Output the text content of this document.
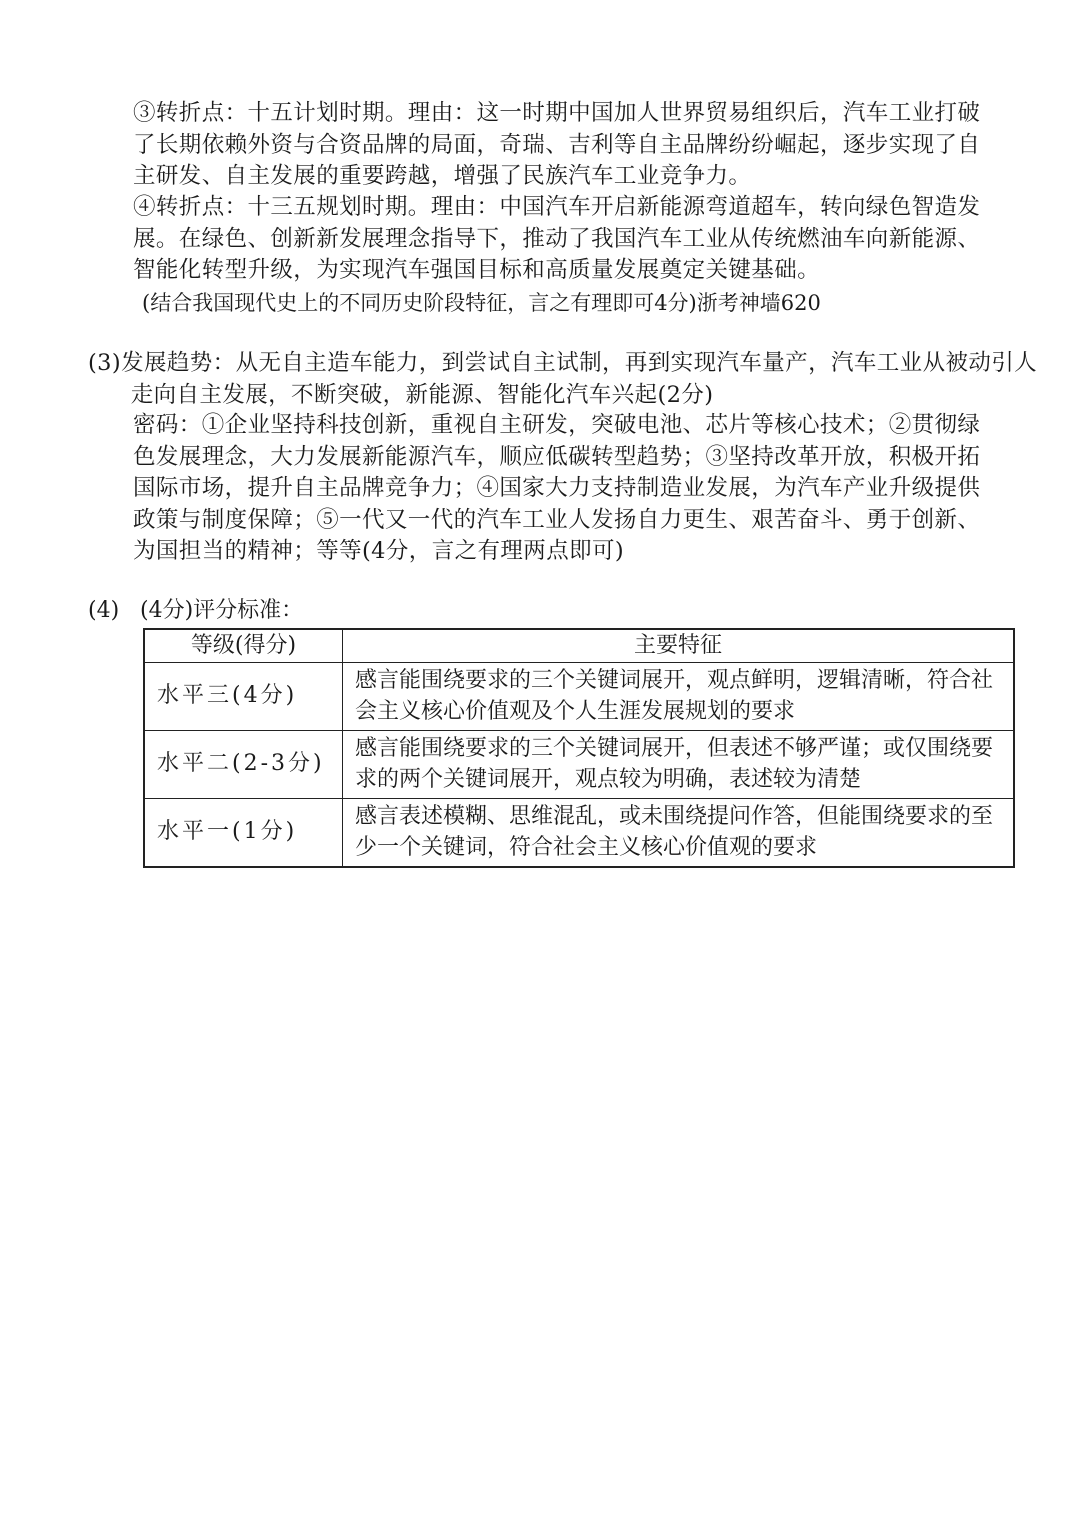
③转折点：十五计划时期。理由：这一时期中国加人世界贸易组织后，汽车工业打破了长期依赖外资与合资品牌的局面，奇瑞、吉利等自主品牌纷纷崛起，逐步实现了自主研发、自主发展的重要跨越，增强了民族汽车工业竞争力。

④转折点：十三五规划时期。理由：中国汽车开启新能源弯道超车，转向绿色智造发展。在绿色、创新新发展理念指导下，推动了我国汽车工业从传统燃油车向新能源、智能化转型升级，为实现汽车强国目标和高质量发展奠定关键基础。

(结合我国现代史上的不同历史阶段特征，言之有理即可4分)浙考神墙620

(3)发展趋势：从无自主造车能力，到尝试自主试制，再到实现汽车量产，汽车工业从被动引人走向自主发展，不断突破，新能源、智能化汽车兴起(2分)

密码：①企业坚持科技创新，重视自主研发，突破电池、芯片等核心技术；②贯彻绿色发展理念，大力发展新能源汽车，顺应低碳转型趋势；③坚持改革开放，积极开拓国际市场，提升自主品牌竞争力；④国家大力支持制造业发展，为汽车产业升级提供政策与制度保障；⑤一代又一代的汽车工业人发扬自力更生、艰苦奋斗、勇于创新、为国担当的精神；等等(4分，言之有理两点即可)

(4) (4分)评分标准：

等级(得分)	主要特征
水平三(4分)	感言能围绕要求的三个关键词展开，观点鲜明，逻辑清晰，符合社会主义核心价值观及个人生涯发展规划的要求
水平二(2-3分)	感言能围绕要求的三个关键词展开，但表述不够严谨；或仅围绕要求的两个关键词展开，观点较为明确，表述较为清楚
水平一(1分)	感言表述模糊、思维混乱，或未围绕提问作答，但能围绕要求的至少一个关键词，符合社会主义核心价值观的要求
